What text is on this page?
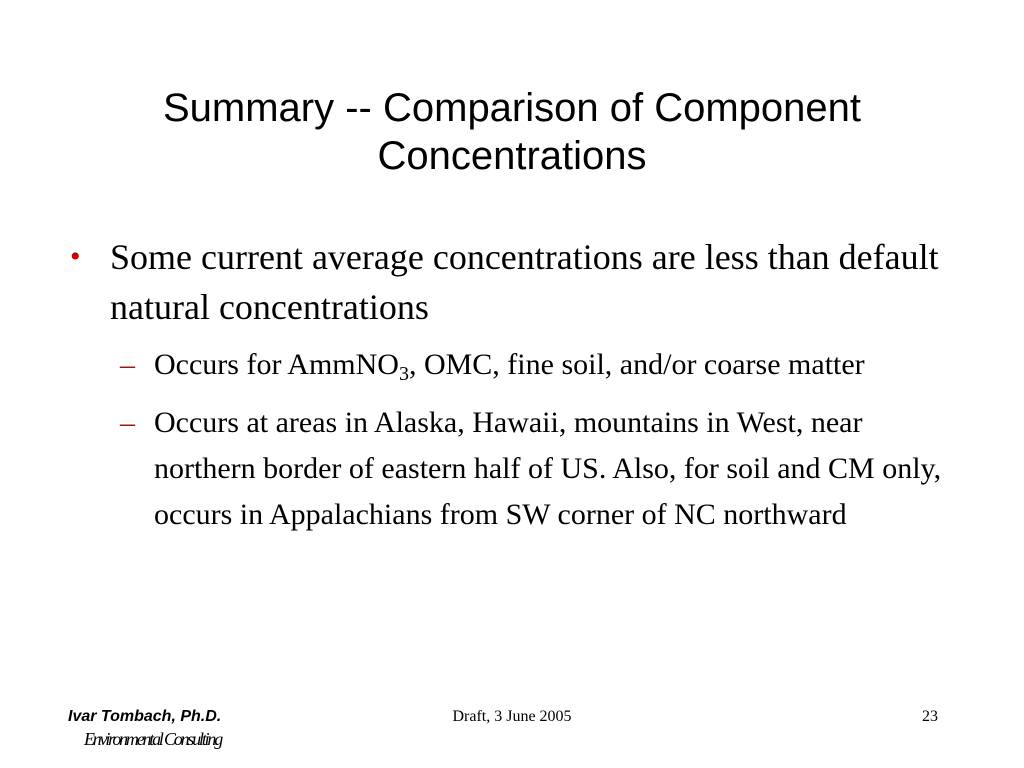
Summary -- Comparison of Component Concentrations
• Some current average concentrations are less than default natural concentrations
– Occurs for AmmNO$_3$, OMC, fine soil, and/or coarse matter
– Occurs at areas in Alaska, Hawaii, mountains in West, near northern border of eastern half of US. Also, for soil and CM only, occurs in Appalachians from SW corner of NC northward
Ivar Tombach, Ph.D.
Environmental Consulting
Draft, 3 June 2005	23
